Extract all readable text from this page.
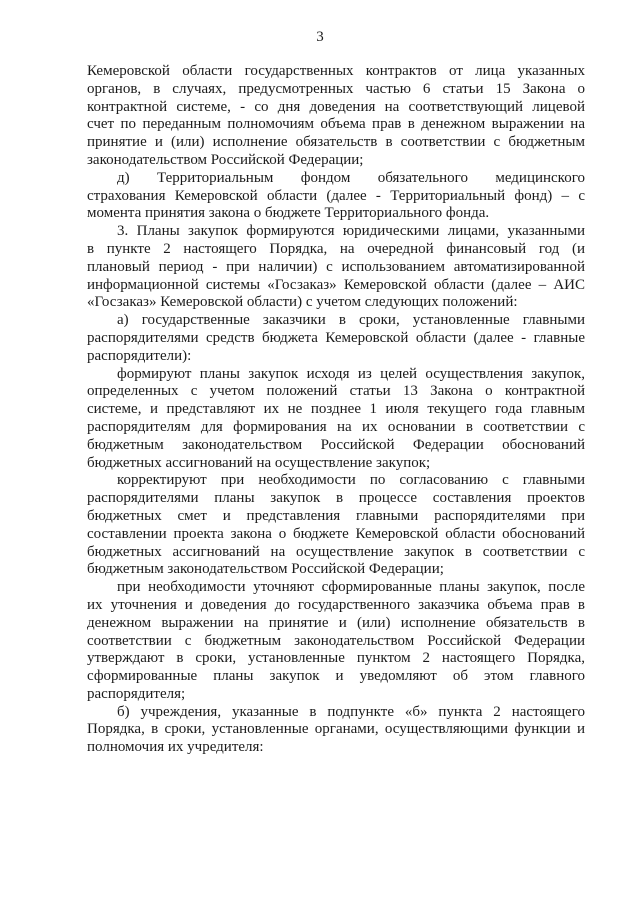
3
Кемеровской области государственных контрактов от лица указанных
органов, в случаях, предусмотренных частью 6 статьи 15 Закона о
контрактной системе, - со дня доведения на соответствующий лицевой
счет по переданным полномочиям объема прав в денежном выражении на
принятие и (или) исполнение обязательств в соответствии с бюджетным
законодательством Российской Федерации;
д) Территориальным фондом обязательного медицинского
страхования Кемеровской области (далее - Территориальный фонд) – с
момента принятия закона о бюджете Территориального фонда.
3. Планы закупок формируются юридическими лицами, указанными
в пункте 2 настоящего Порядка, на очередной финансовый год (и
плановый период - при наличии) с использованием автоматизированной
информационной системы «Госзаказ» Кемеровской области (далее – АИС
«Госзаказ» Кемеровской области) с учетом следующих положений:
а) государственные заказчики в сроки, установленные главными
распорядителями средств бюджета Кемеровской области (далее - главные
распорядители):
формируют планы закупок исходя из целей осуществления закупок,
определенных с учетом положений статьи 13 Закона о контрактной
системе, и представляют их не позднее 1 июля текущего года главным
распорядителям для формирования на их основании в соответствии с
бюджетным законодательством Российской Федерации обоснований
бюджетных ассигнований на осуществление закупок;
корректируют при необходимости по согласованию с главными
распорядителями планы закупок в процессе составления проектов
бюджетных смет и представления главными распорядителями при
составлении проекта закона о бюджете Кемеровской области обоснований
бюджетных ассигнований на осуществление закупок в соответствии с
бюджетным законодательством Российской Федерации;
при необходимости уточняют сформированные планы закупок, после
их уточнения и доведения до государственного заказчика объема прав в
денежном выражении на принятие и (или) исполнение обязательств в
соответствии с бюджетным законодательством Российской Федерации
утверждают в сроки, установленные пунктом 2 настоящего Порядка,
сформированные планы закупок и уведомляют об этом главного
распорядителя;
б) учреждения, указанные в подпункте «б» пункта 2 настоящего
Порядка, в сроки, установленные органами, осуществляющими функции и
полномочия их учредителя:
